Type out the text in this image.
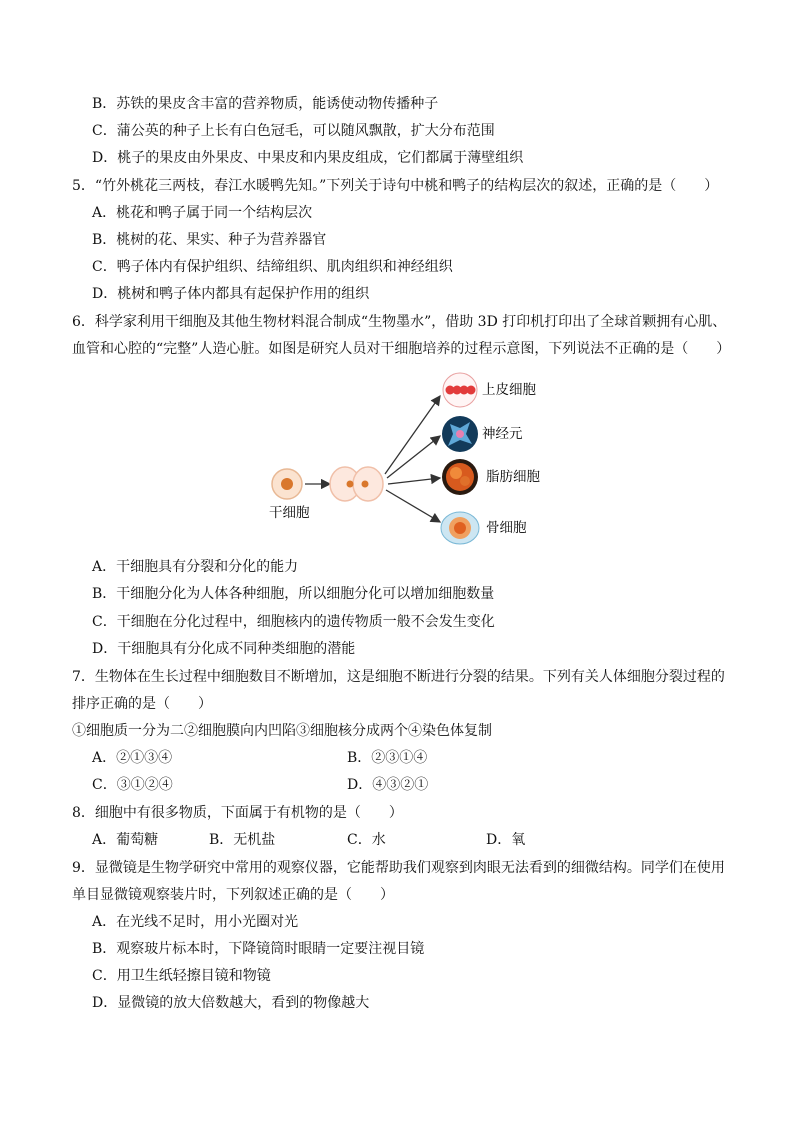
B．苏铁的果皮含丰富的营养物质，能诱使动物传播种子
C．蒲公英的种子上长有白色冠毛，可以随风飘散，扩大分布范围
D．桃子的果皮由外果皮、中果皮和内果皮组成，它们都属于薄壁组织
5．“竹外桃花三两枝，春江水暖鸭先知。”下列关于诗句中桃和鸭子的结构层次的叙述，正确的是（　　）
A．桃花和鸭子属于同一个结构层次
B．桃树的花、果实、种子为营养器官
C．鸭子体内有保护组织、结缔组织、肌肉组织和神经组织
D．桃树和鸭子体内都具有起保护作用的组织
6．科学家利用干细胞及其他生物材料混合制成“生物墨水”，借助 3D 打印机打印出了全球首颗拥有心肌、
血管和心腔的“完整”人造心脏。如图是研究人员对干细胞培养的过程示意图，下列说法不正确的是（　　）
上皮细胞
神经元
脂肪细胞
骨细胞
干细胞
A．干细胞具有分裂和分化的能力
B．干细胞分化为人体各种细胞，所以细胞分化可以增加细胞数量
C．干细胞在分化过程中，细胞核内的遗传物质一般不会发生变化
D．干细胞具有分化成不同种类细胞的潜能
7．生物体在生长过程中细胞数目不断增加，这是细胞不断进行分裂的结果。下列有关人体细胞分裂过程的
排序正确的是（　　）
①细胞质一分为二②细胞膜向内凹陷③细胞核分成两个④染色体复制
A．②①③④	B．②③①④
C．③①②④	D．④③②①
8．细胞中有很多物质，下面属于有机物的是（　　）
A．葡萄糖	B．无机盐	C．水	D．氧
9．显微镜是生物学研究中常用的观察仪器，它能帮助我们观察到肉眼无法看到的细微结构。同学们在使用
单目显微镜观察装片时，下列叙述正确的是（　　）
A．在光线不足时，用小光圈对光
B．观察玻片标本时，下降镜筒时眼睛一定要注视目镜
C．用卫生纸轻擦目镜和物镜
D．显微镜的放大倍数越大，看到的物像越大
